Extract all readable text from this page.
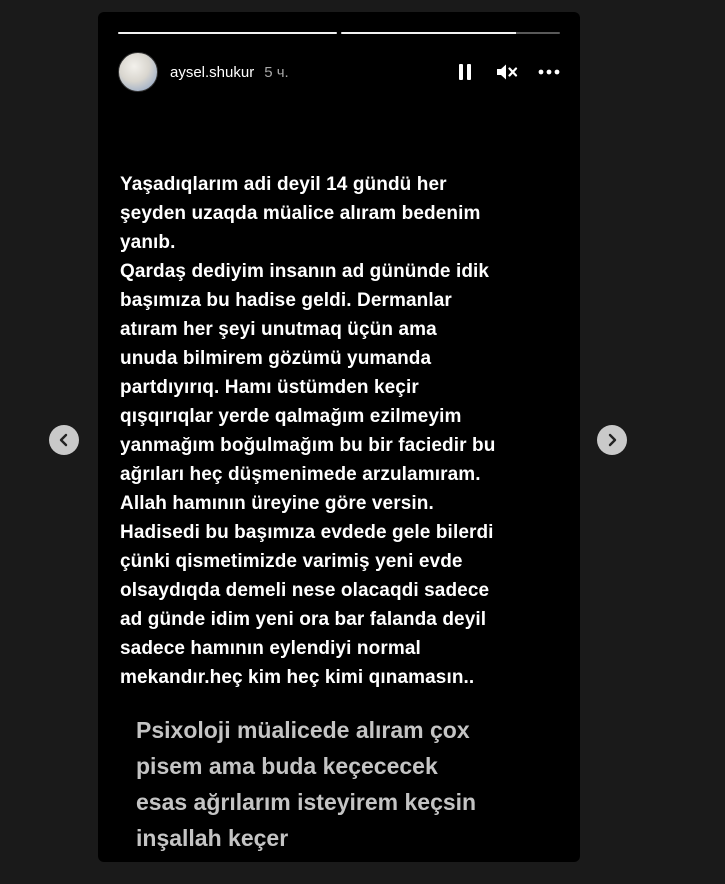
aysel.shukur 5 ч.
Yaşadıqlarım adi deyil 14 gündü her
şeyden uzaqda müalice alıram bedenim
yanıb.
Qardaş dediyim insanın ad gününde idik
başımıza bu hadise geldi. Dermanlar
atıram her şeyi unutmaq üçün ama
unuda bilmirem gözümü yumanda
partdıyırıq. Hamı üstümden keçir
qışqırıqlar yerde qalmağım ezilmeyim
yanmağım boğulmağım bu bir faciedir bu
ağrıları heç düşmenimede arzulamıram.
Allah hamının üreyine göre versin.
Hadisedi bu başımıza evdede gele bilerdi
çünki qismetimizde varimiş yeni evde
olsaydıqda demeli nese olacaqdi sadece
ad günde idim yeni ora bar falanda deyil
sadece hamının eylendiyi normal
mekandır.heç kim heç kimi qınamasın..
Psixoloji müalicede alıram çox
pisem ama buda keçececek
esas ağrılarım isteyirem keçsin
inşallah keçer
